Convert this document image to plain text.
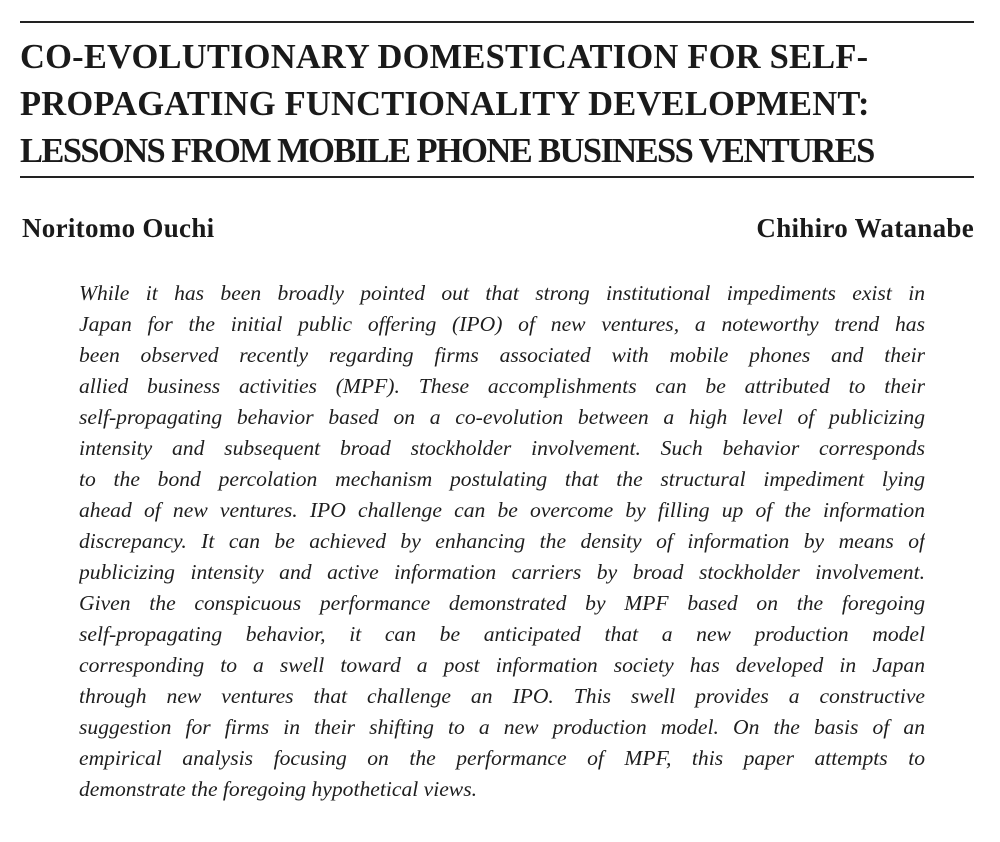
CO-EVOLUTIONARY DOMESTICATION FOR SELF-
PROPAGATING FUNCTIONALITY DEVELOPMENT:
LESSONS FROM MOBILE PHONE BUSINESS VENTURES
Noritomo Ouchi	Chihiro Watanabe
While it has been broadly pointed out that strong institutional impediments exist in
Japan for the initial public offering (IPO) of new ventures, a noteworthy trend has
been observed recently regarding firms associated with mobile phones and their
allied business activities (MPF). These accomplishments can be attributed to their
self-propagating behavior based on a co-evolution between a high level of publicizing
intensity and subsequent broad stockholder involvement. Such behavior corresponds
to the bond percolation mechanism postulating that the structural impediment lying
ahead of new ventures. IPO challenge can be overcome by filling up of the information
discrepancy. It can be achieved by enhancing the density of information by means of
publicizing intensity and active information carriers by broad stockholder involvement.
Given the conspicuous performance demonstrated by MPF based on the foregoing
self-propagating behavior, it can be anticipated that a new production model
corresponding to a swell toward a post information society has developed in Japan
through new ventures that challenge an IPO. This swell provides a constructive
suggestion for firms in their shifting to a new production model. On the basis of an
empirical analysis focusing on the performance of MPF, this paper attempts to
demonstrate the foregoing hypothetical views.
